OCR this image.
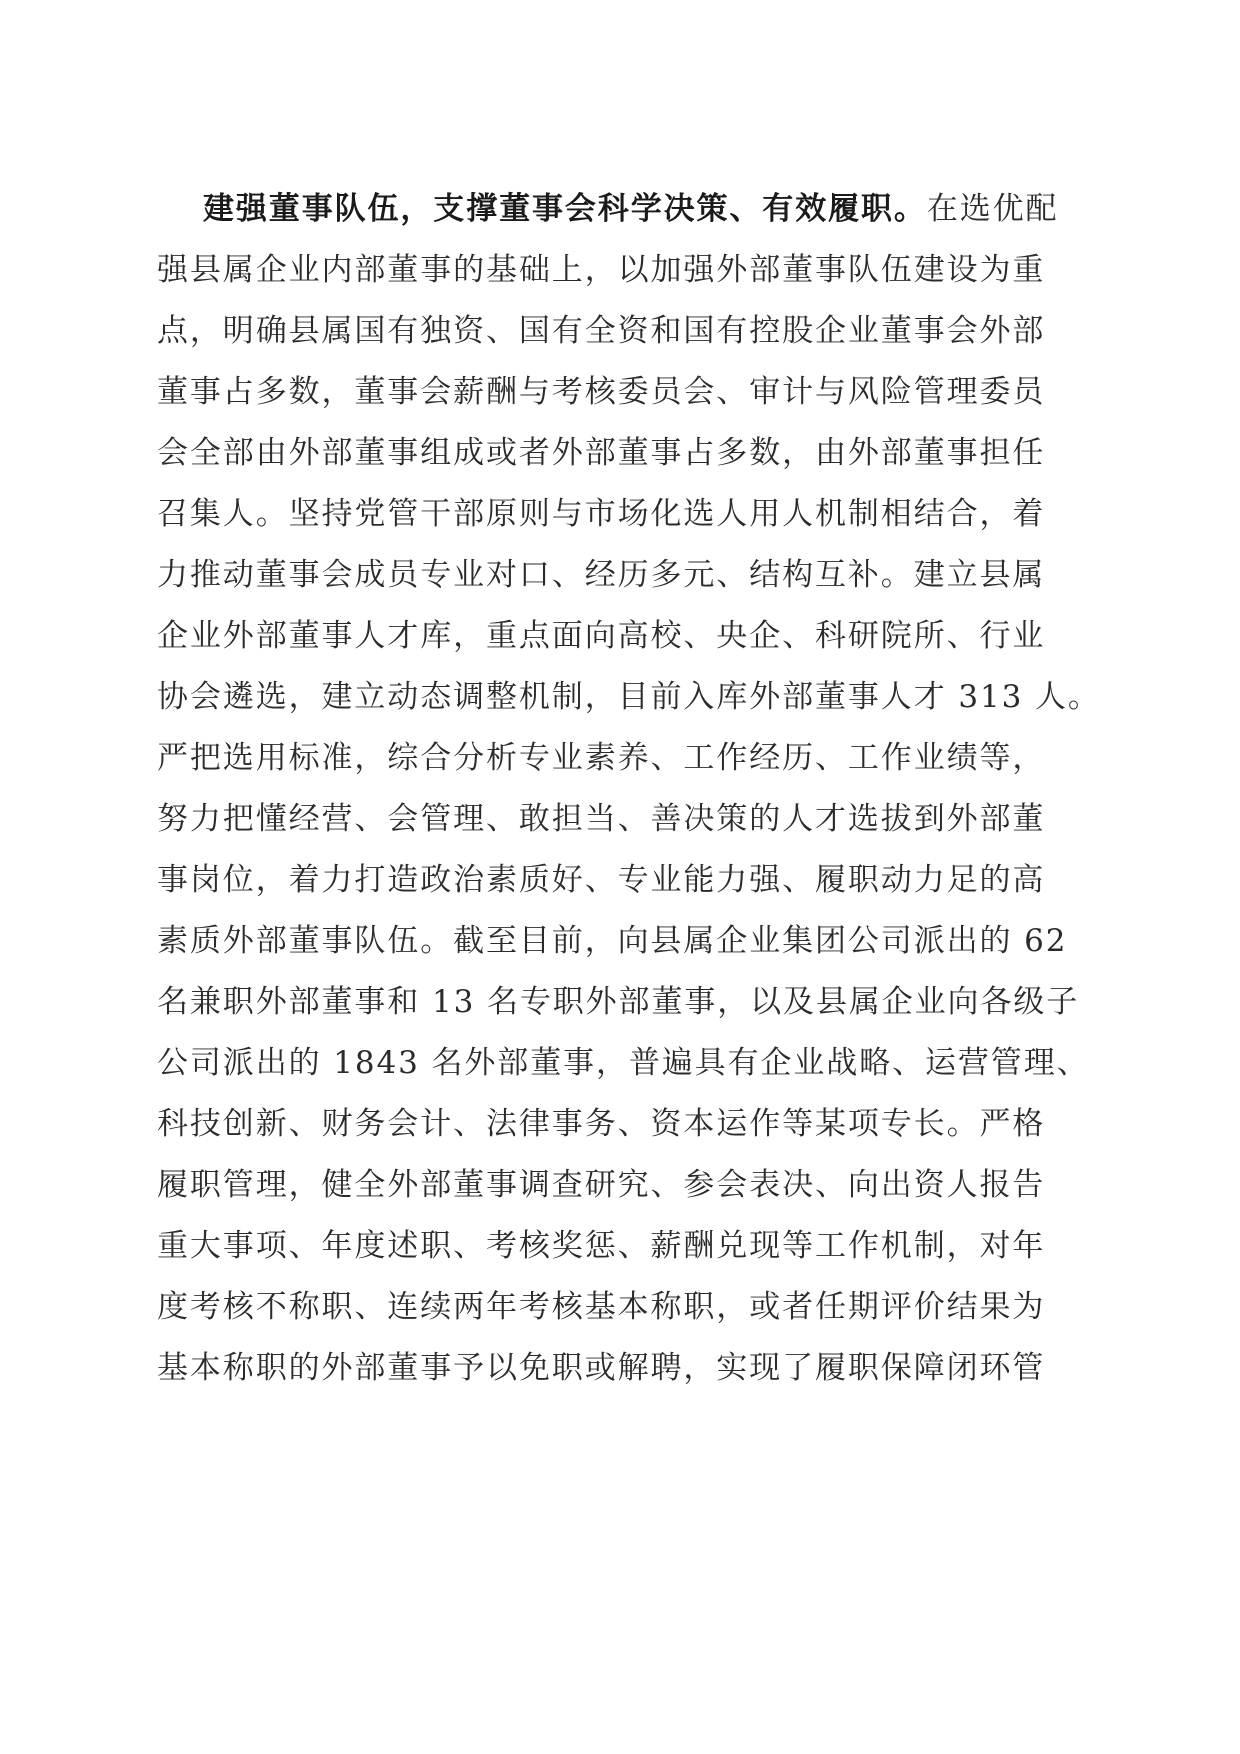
建强董事队伍，支撑董事会科学决策、有效履职。在选优配
强县属企业内部董事的基础上，以加强外部董事队伍建设为重
点，明确县属国有独资、国有全资和国有控股企业董事会外部
董事占多数，董事会薪酬与考核委员会、审计与风险管理委员
会全部由外部董事组成或者外部董事占多数，由外部董事担任
召集人。坚持党管干部原则与市场化选人用人机制相结合，着
力推动董事会成员专业对口、经历多元、结构互补。建立县属
企业外部董事人才库，重点面向高校、央企、科研院所、行业
协会遴选，建立动态调整机制，目前入库外部董事人才 313 人。
严把选用标准，综合分析专业素养、工作经历、工作业绩等，
努力把懂经营、会管理、敢担当、善决策的人才选拔到外部董
事岗位，着力打造政治素质好、专业能力强、履职动力足的高
素质外部董事队伍。截至目前，向县属企业集团公司派出的 62
名兼职外部董事和 13 名专职外部董事，以及县属企业向各级子
公司派出的 1843 名外部董事，普遍具有企业战略、运营管理、
科技创新、财务会计、法律事务、资本运作等某项专长。严格
履职管理，健全外部董事调查研究、参会表决、向出资人报告
重大事项、年度述职、考核奖惩、薪酬兑现等工作机制，对年
度考核不称职、连续两年考核基本称职，或者任期评价结果为
基本称职的外部董事予以免职或解聘，实现了履职保障闭环管
